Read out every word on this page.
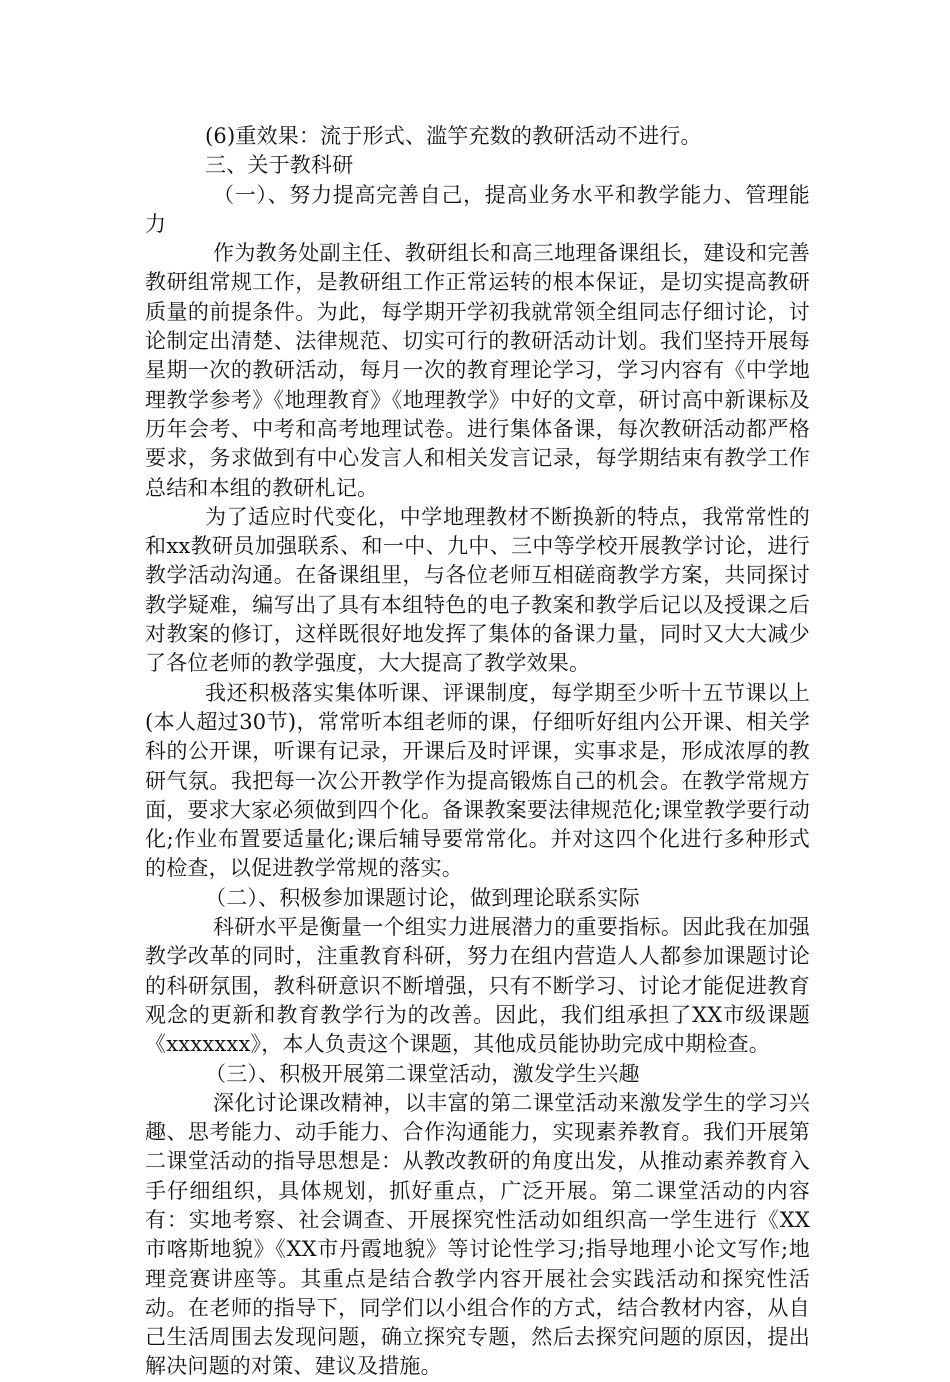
(6)重效果：流于形式、滥竽充数的教研活动不进行。

三、关于教科研

（一）、努力提高完善自己，提高业务水平和教学能力、管理能力

作为教务处副主任、教研组长和高三地理备课组长，建设和完善教研组常规工作，是教研组工作正常运转的根本保证，是切实提高教研质量的前提条件。为此，每学期开学初我就常领全组同志仔细讨论，讨论制定出清楚、法律规范、切实可行的教研活动计划。我们坚持开展每星期一次的教研活动，每月一次的教育理论学习，学习内容有《中学地理教学参考》《地理教育》《地理教学》中好的文章，研讨高中新课标及历年会考、中考和高考地理试卷。进行集体备课，每次教研活动都严格要求，务求做到有中心发言人和相关发言记录，每学期结束有教学工作总结和本组的教研札记。

为了适应时代变化，中学地理教材不断换新的特点，我常常性的和xx教研员加强联系、和一中、九中、三中等学校开展教学讨论，进行教学活动沟通。在备课组里，与各位老师互相磋商教学方案，共同探讨教学疑难，编写出了具有本组特色的电子教案和教学后记以及授课之后对教案的修订，这样既很好地发挥了集体的备课力量，同时又大大减少了各位老师的教学强度，大大提高了教学效果。

我还积极落实集体听课、评课制度，每学期至少听十五节课以上(本人超过30节)，常常听本组老师的课，仔细听好组内公开课、相关学科的公开课，听课有记录，开课后及时评课，实事求是，形成浓厚的教研气氛。我把每一次公开教学作为提高锻炼自己的机会。在教学常规方面，要求大家必须做到四个化。备课教案要法律规范化;课堂教学要行动化;作业布置要适量化;课后辅导要常常化。并对这四个化进行多种形式的检查，以促进教学常规的落实。

（二）、积极参加课题讨论，做到理论联系实际

科研水平是衡量一个组实力进展潜力的重要指标。因此我在加强教学改革的同时，注重教育科研，努力在组内营造人人都参加课题讨论的科研氛围，教科研意识不断增强，只有不断学习、讨论才能促进教育观念的更新和教育教学行为的改善。因此，我们组承担了XX市级课题《xxxxxxx》，本人负责这个课题，其他成员能协助完成中期检查。

（三）、积极开展第二课堂活动，激发学生兴趣

深化讨论课改精神，以丰富的第二课堂活动来激发学生的学习兴趣、思考能力、动手能力、合作沟通能力，实现素养教育。我们开展第二课堂活动的指导思想是：从教改教研的角度出发，从推动素养教育入手仔细组织，具体规划，抓好重点，广泛开展。第二课堂活动的内容有：实地考察、社会调查、开展探究性活动如组织高一学生进行《XX市喀斯地貌》《XX市丹霞地貌》等讨论性学习;指导地理小论文写作;地理竞赛讲座等。其重点是结合教学内容开展社会实践活动和探究性活动。在老师的指导下，同学们以小组合作的方式，结合教材内容，从自己生活周围去发现问题，确立探究专题，然后去探究问题的原因，提出解决问题的对策、建议及措施。
